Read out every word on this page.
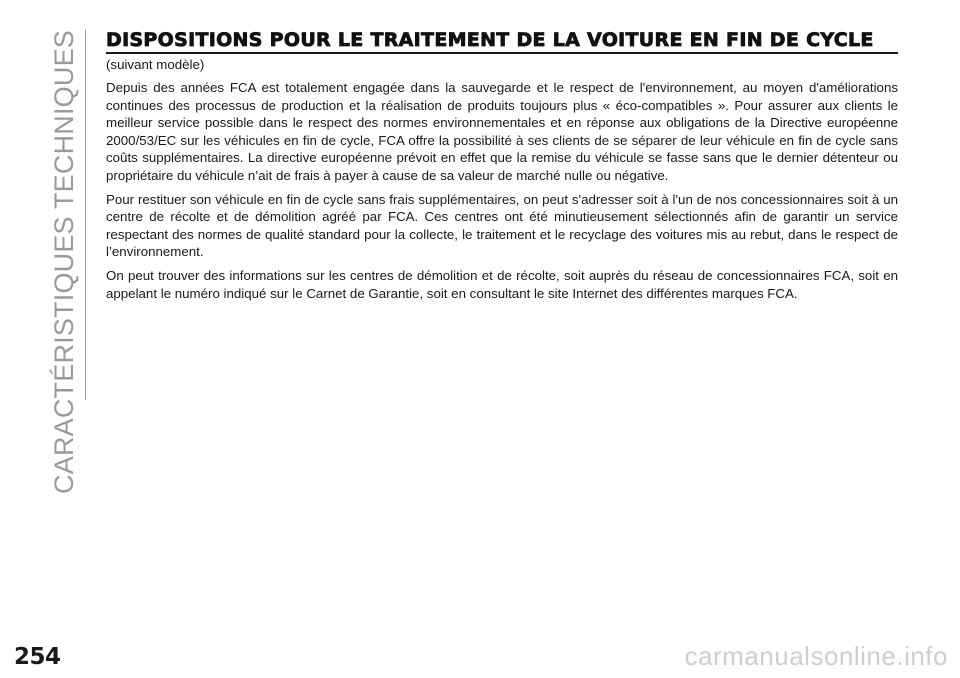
CARACTÉRISTIQUES TECHNIQUES DISPOSITIONS POUR LE TRAITEMENT DE LA VOITURE EN FIN DE CYCLE

(suivant modèle)

Depuis des années FCA est totalement engagée dans la sauvegarde et le respect de l'environnement, au moyen d'améliorations continues des processus de production et la réalisation de produits toujours plus « éco-compatibles ». Pour assurer aux clients le meilleur service possible dans le respect des normes environnementales et en réponse aux obligations de la Directive européenne 2000/53/EC sur les véhicules en fin de cycle, FCA offre la possibilité à ses clients de se séparer de leur véhicule en fin de cycle sans coûts supplémentaires. La directive européenne prévoit en effet que la remise du véhicule se fasse sans que le dernier détenteur ou propriétaire du véhicule n’ait de frais à payer à cause de sa valeur de marché nulle ou négative.

Pour restituer son véhicule en fin de cycle sans frais supplémentaires, on peut s'adresser soit à l'un de nos concessionnaires soit à un centre de récolte et de démolition agréé par FCA. Ces centres ont été minutieusement sélectionnés afin de garantir un service respectant des normes de qualité standard pour la collecte, le traitement et le recyclage des voitures mis au rebut, dans le respect de l’environnement.

On peut trouver des informations sur les centres de démolition et de récolte, soit auprès du réseau de concessionnaires FCA, soit en appelant le numéro indiqué sur le Carnet de Garantie, soit en consultant le site Internet des différentes marques FCA.

254	carmanualsonline.info
